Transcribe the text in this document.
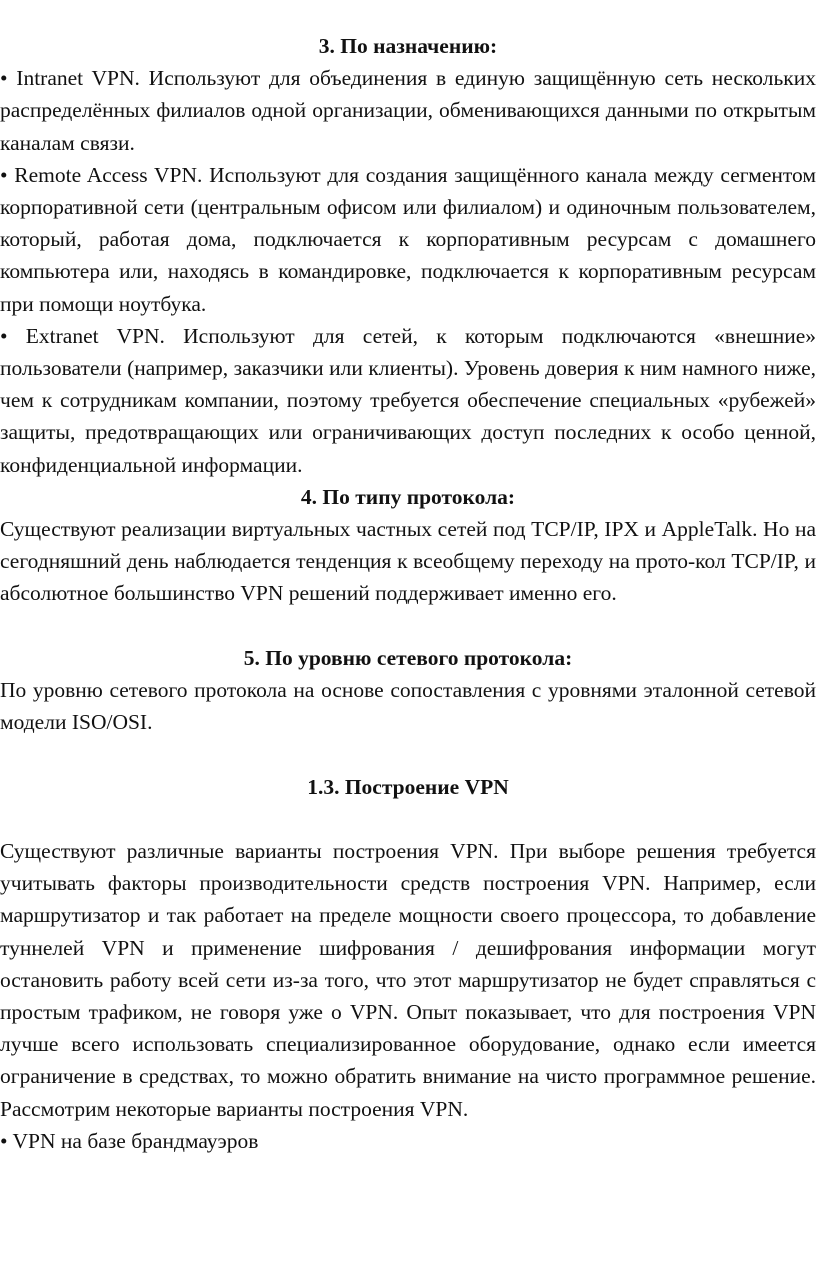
3. По назначению:

• Intranet VPN. Используют для объединения в единую защищённую сеть нескольких распределённых филиалов одной организации, обменивающихся данными по открытым каналам связи.

• Remote Access VPN. Используют для создания защищённого канала между сегментом корпоративной сети (центральным офисом или филиалом) и одиночным пользователем, который, работая дома, подключается к корпоративным ресурсам с домашнего компьютера или, находясь в командировке, подключается к корпоративным ресурсам при помощи ноутбука.

• Extranet VPN. Используют для сетей, к которым подключаются «внешние» пользователи (например, заказчики или клиенты). Уровень доверия к ним намного ниже, чем к сотрудникам компании, поэтому требуется обеспечение специальных «рубежей» защиты, предотвращающих или ограничивающих доступ последних к особо ценной, конфиденциальной информации.

4. По типу протокола:

Существуют реализации виртуальных частных сетей под TCP/IP, IPX и AppleTalk. Но на сегодняшний день наблюдается тенденция к всеобщему переходу на прото-кол TCP/IP, и абсолютное большинство VPN решений поддерживает именно его.

5. По уровню сетевого протокола:

По уровню сетевого протокола на основе сопоставления с уровнями эталонной сетевой модели ISO/OSI.

1.3. Построение VPN

Существуют различные варианты построения VPN. При выборе решения требуется учитывать факторы производительности средств построения VPN. Например, если маршрутизатор и так работает на пределе мощности своего процессора, то добавление туннелей VPN и применение шифрования / дешифрования информации могут остановить работу всей сети из-за того, что этот маршрутизатор не будет справляться с простым трафиком, не говоря уже о VPN. Опыт показывает, что для построения VPN лучше всего использовать специализированное оборудование, однако если имеется ограничение в средствах, то можно обратить внимание на чисто программное решение. Рассмотрим некоторые варианты построения VPN.

• VPN на базе брандмауэров
